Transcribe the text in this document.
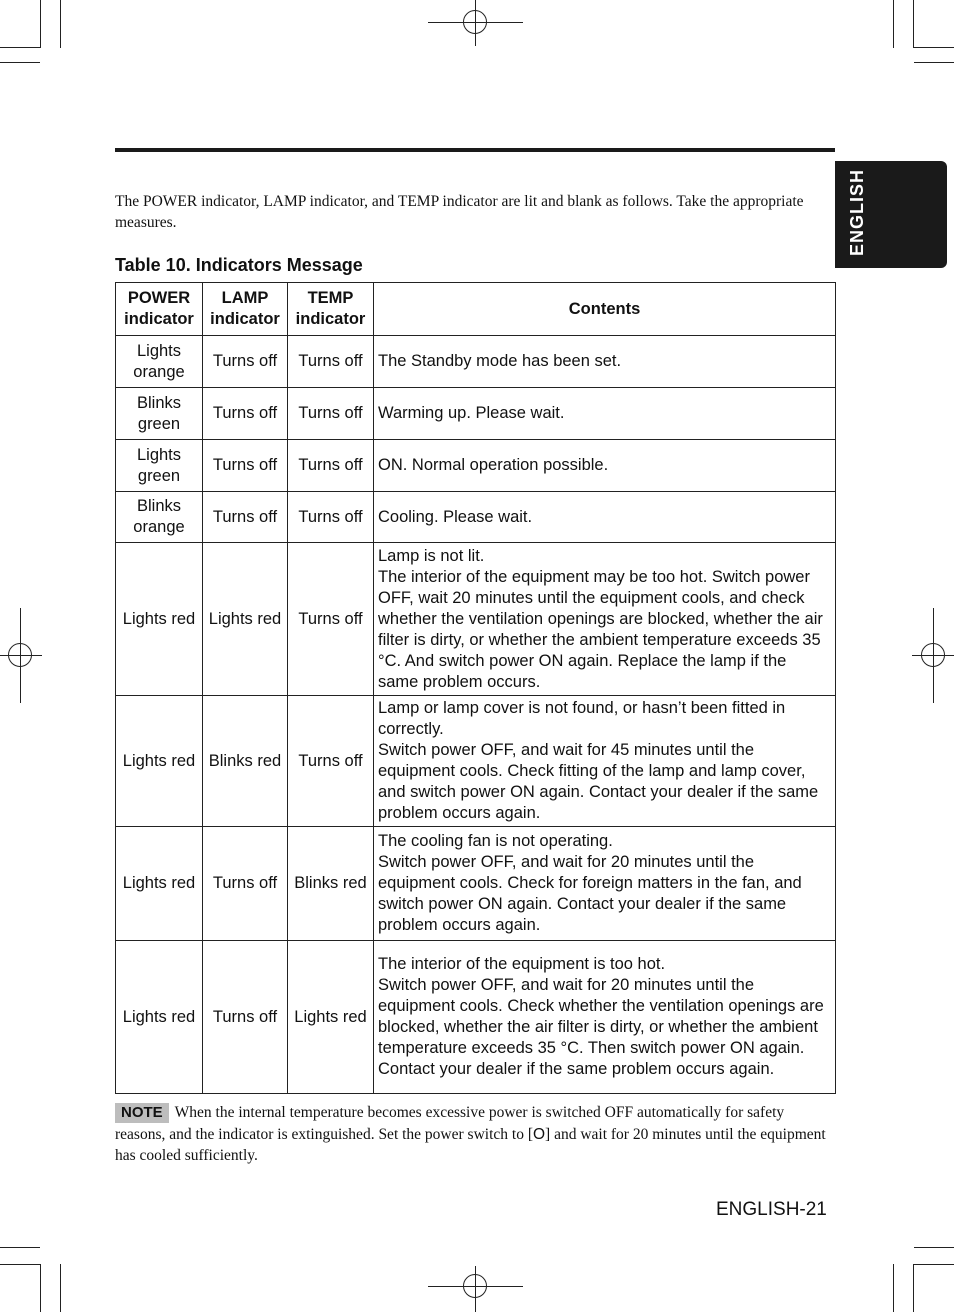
ENGLISH

The POWER indicator, LAMP indicator, and TEMP indicator are lit and blank as follows. Take the appropriate measures.

Table 10. Indicators Message
POWER indicator	LAMP indicator	TEMP indicator	Contents
Lights orange	Turns off	Turns off	The Standby mode has been set.
Blinks green	Turns off	Turns off	Warming up. Please wait.
Lights green	Turns off	Turns off	ON. Normal operation possible.
Blinks orange	Turns off	Turns off	Cooling. Please wait.
Lights red	Lights red	Turns off	Lamp is not lit.
The interior of the equipment may be too hot. Switch power OFF, wait 20 minutes until the equipment cools, and check whether the ventilation openings are blocked, whether the air filter is dirty, or whether the ambient temperature exceeds 35 °C. And switch power ON again. Replace the lamp if the same problem occurs.
Lights red	Blinks red	Turns off	Lamp or lamp cover is not found, or hasn’t been fitted in correctly.
Switch power OFF, and wait for 45 minutes until the equipment cools. Check fitting of the lamp and lamp cover, and switch power ON again. Contact your dealer if the same problem occurs again.
Lights red	Turns off	Blinks red	The cooling fan is not operating.
Switch power OFF, and wait for 20 minutes until the equipment cools. Check for foreign matters in the fan, and switch power ON again. Contact your dealer if the same problem occurs again.
Lights red	Turns off	Lights red	The interior of the equipment is too hot.
Switch power OFF, and wait for 20 minutes until the equipment cools. Check whether the ventilation openings are blocked, whether the air filter is dirty, or whether the ambient temperature exceeds 35 °C. Then switch power ON again. Contact your dealer if the same problem occurs again.
NOTE When the internal temperature becomes excessive power is switched OFF automatically for safety reasons, and the indicator is extinguished. Set the power switch to [O] and wait for 20 minutes until the equipment has cooled sufficiently.
ENGLISH-21
